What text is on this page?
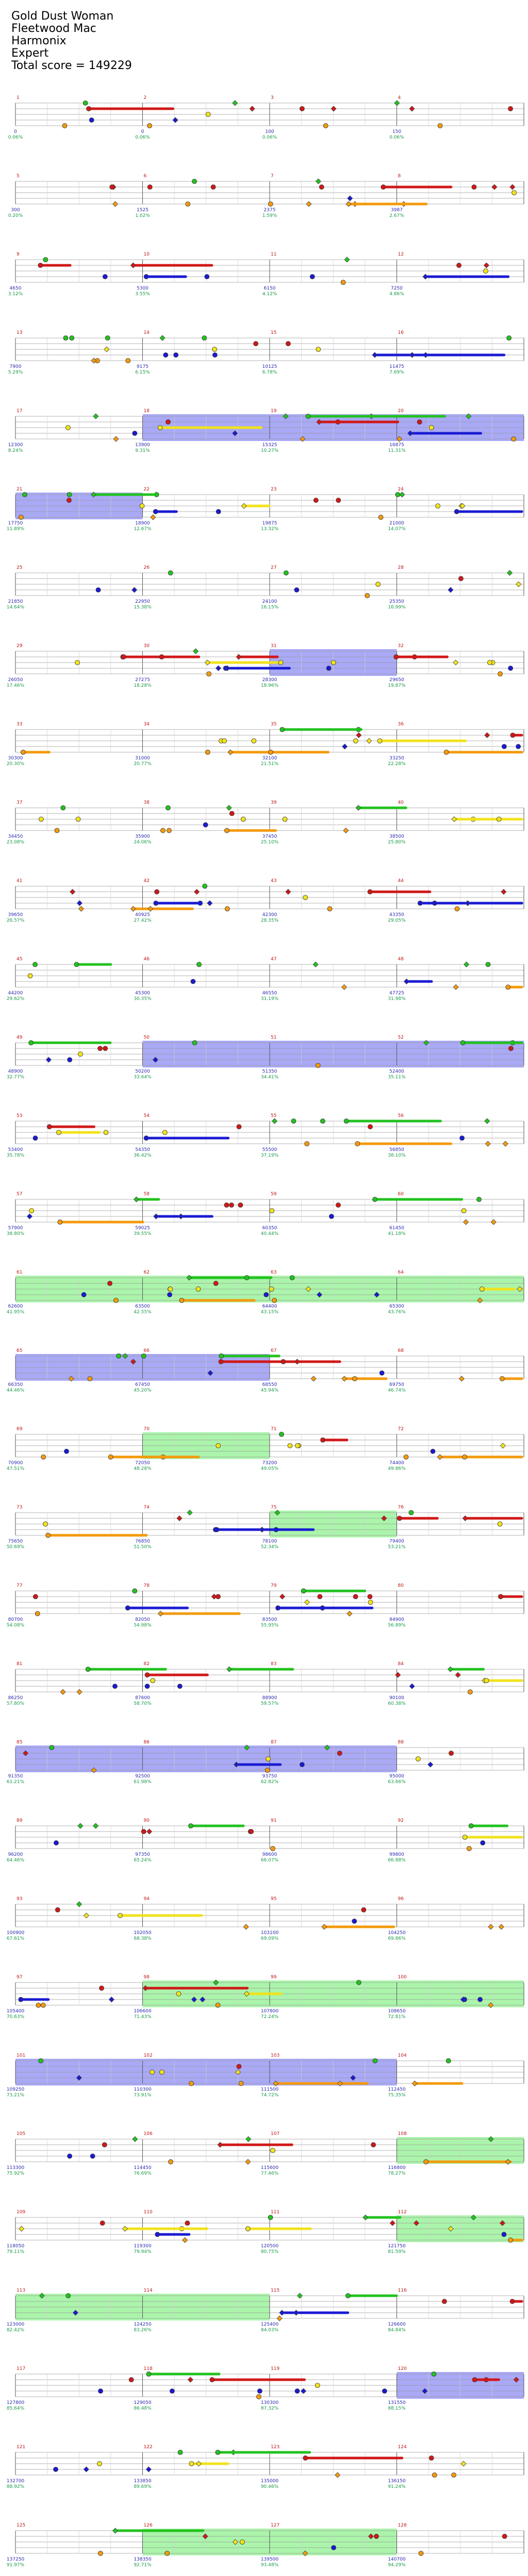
Gold Dust Woman
Fleetwood Mac
Harmonix
Expert
Total score = 149229
1
0
0.06%
2
0
0.06%
3
100
0.06%
4
150
0.06%
5
300
0.20%
6
1525
1.02%
7
2375
1.59%
8
3987
2.67%
9
4650
3.12%
10
5300
3.55%
11
6150
4.12%
12
7250
4.86%
13
7900
5.29%
14
9175
6.15%
15
10125
6.78%
16
11475
7.69%
17
12300
8.24%
18
13900
9.31%
19
15325
10.27%
20
16875
11.31%
21
17750
11.89%
22
18900
12.67%
23
19875
13.32%
24
21000
14.07%
25
21850
14.64%
26
22950
15.38%
27
24100
16.15%
28
25350
16.99%
29
26050
17.46%
30
27275
18.28%
31
28300
18.96%
32
29650
19.87%
33
30300
20.30%
34
31000
20.77%
35
32100
21.51%
36
33250
22.28%
37
34450
23.08%
38
35900
24.06%
39
37450
25.10%
40
38500
25.80%
41
39650
26.57%
42
40925
27.42%
43
42300
28.35%
44
43350
29.05%
45
44200
29.62%
46
45300
30.35%
47
46550
31.19%
48
47725
31.98%
49
48900
32.77%
50
50200
33.64%
51
51350
34.41%
52
52400
35.11%
53
53400
35.78%
54
54350
36.42%
55
55500
37.19%
56
56850
38.10%
57
57900
38.80%
58
59025
39.55%
59
60350
40.44%
60
61450
41.18%
61
62600
41.95%
62
63500
42.55%
63
64400
43.15%
64
65300
43.76%
65
66350
44.46%
66
67450
45.20%
67
68550
45.94%
68
69750
46.74%
69
70900
47.51%
70
72050
48.28%
71
73200
49.05%
72
74400
49.86%
73
75650
50.69%
74
76850
51.50%
75
78100
52.34%
76
79400
53.21%
77
80700
54.08%
78
82050
54.98%
79
83500
55.95%
80
84900
56.89%
81
86250
57.80%
82
87600
58.70%
83
88900
59.57%
84
90100
60.38%
85
91350
61.21%
86
92500
61.98%
87
93750
62.82%
88
95000
63.66%
89
96200
64.46%
90
97350
65.24%
91
98600
66.07%
92
99800
66.88%
93
100900
67.61%
94
102050
68.38%
95
103100
69.09%
96
104250
69.86%
97
105400
70.63%
98
106600
71.43%
99
107800
72.24%
100
108650
72.81%
101
109250
73.21%
102
110300
73.91%
103
111500
74.72%
104
112450
75.35%
105
113300
75.92%
106
114450
76.69%
107
115600
77.46%
108
116800
78.27%
109
118050
79.11%
110
119300
79.94%
111
120500
80.75%
112
121750
81.59%
113
123000
82.42%
114
124250
83.26%
115
125400
84.03%
116
126600
84.84%
117
127800
85.64%
118
129050
86.48%
119
130300
87.32%
120
131550
88.15%
121
132700
88.92%
122
133850
89.69%
123
135000
90.46%
124
136150
91.24%
125
137250
91.97%
126
138350
92.71%
127
139500
93.48%
128
140700
94.29%
